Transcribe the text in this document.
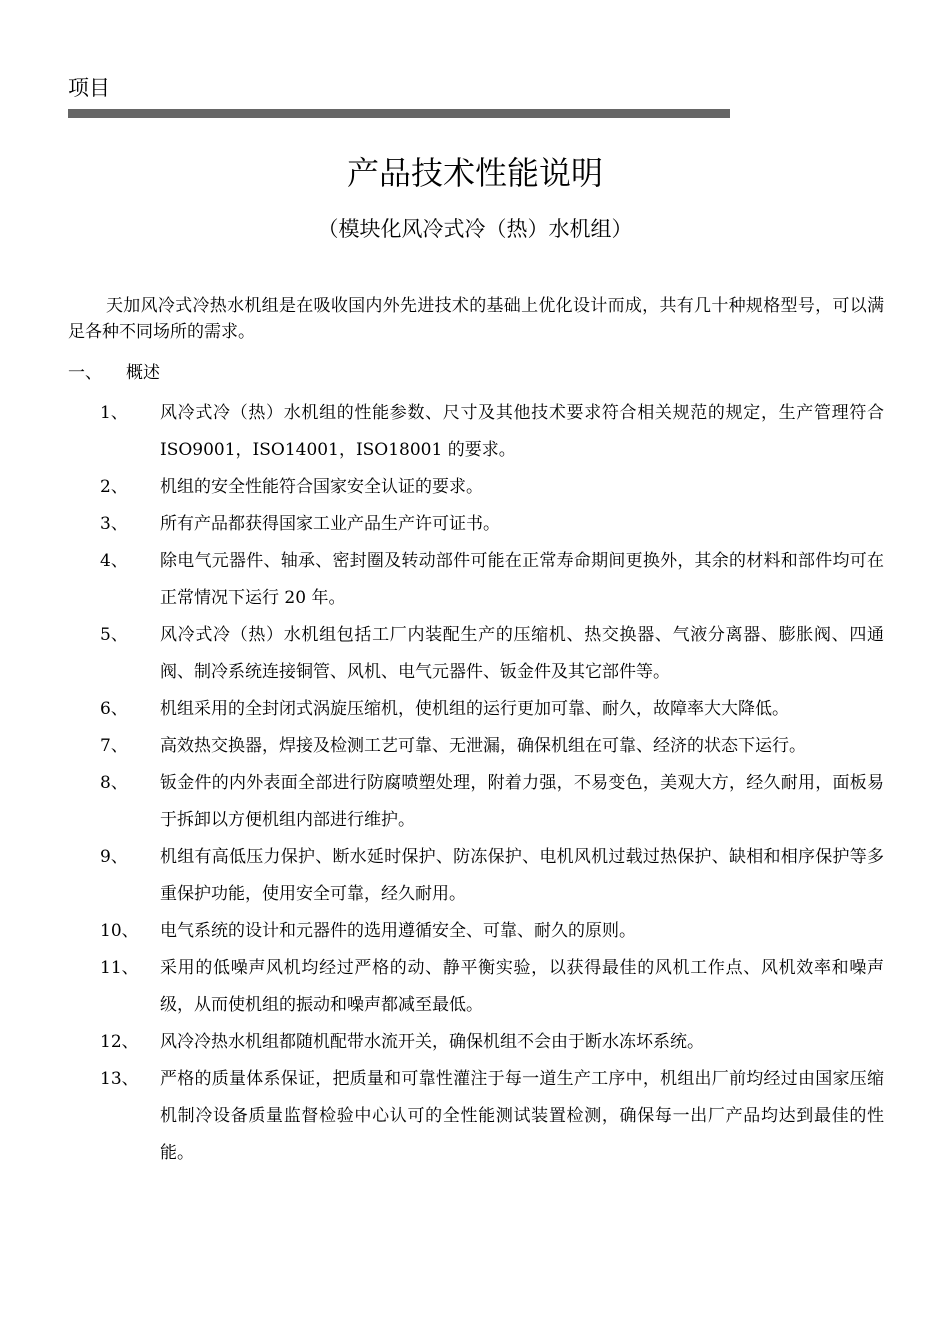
项目
产品技术性能说明
（模块化风冷式冷（热）水机组）

天加风冷式冷热水机组是在吸收国内外先进技术的基础上优化设计而成，共有几十种规格型号，可以满足各种不同场所的需求。

一、	概述
1、	风冷式冷（热）水机组的性能参数、尺寸及其他技术要求符合相关规范的规定，生产管理符合 ISO9001，ISO14001，ISO18001 的要求。
2、	机组的安全性能符合国家安全认证的要求。
3、	所有产品都获得国家工业产品生产许可证书。
4、	除电气元器件、轴承、密封圈及转动部件可能在正常寿命期间更换外，其余的材料和部件均可在正常情况下运行 20 年。
5、	风冷式冷（热）水机组包括工厂内装配生产的压缩机、热交换器、气液分离器、膨胀阀、四通阀、制冷系统连接铜管、风机、电气元器件、钣金件及其它部件等。
6、	机组采用的全封闭式涡旋压缩机，使机组的运行更加可靠、耐久，故障率大大降低。
7、	高效热交换器，焊接及检测工艺可靠、无泄漏，确保机组在可靠、经济的状态下运行。
8、	钣金件的内外表面全部进行防腐喷塑处理，附着力强，不易变色，美观大方，经久耐用，面板易于拆卸以方便机组内部进行维护。
9、	机组有高低压力保护、断水延时保护、防冻保护、电机风机过载过热保护、缺相和相序保护等多重保护功能，使用安全可靠，经久耐用。
10、	电气系统的设计和元器件的选用遵循安全、可靠、耐久的原则。
11、	采用的低噪声风机均经过严格的动、静平衡实验，以获得最佳的风机工作点、风机效率和噪声级，从而使机组的振动和噪声都减至最低。
12、	风冷冷热水机组都随机配带水流开关，确保机组不会由于断水冻坏系统。
13、	严格的质量体系保证，把质量和可靠性灌注于每一道生产工序中，机组出厂前均经过由国家压缩机制冷设备质量监督检验中心认可的全性能测试装置检测，确保每一出厂产品均达到最佳的性能。
